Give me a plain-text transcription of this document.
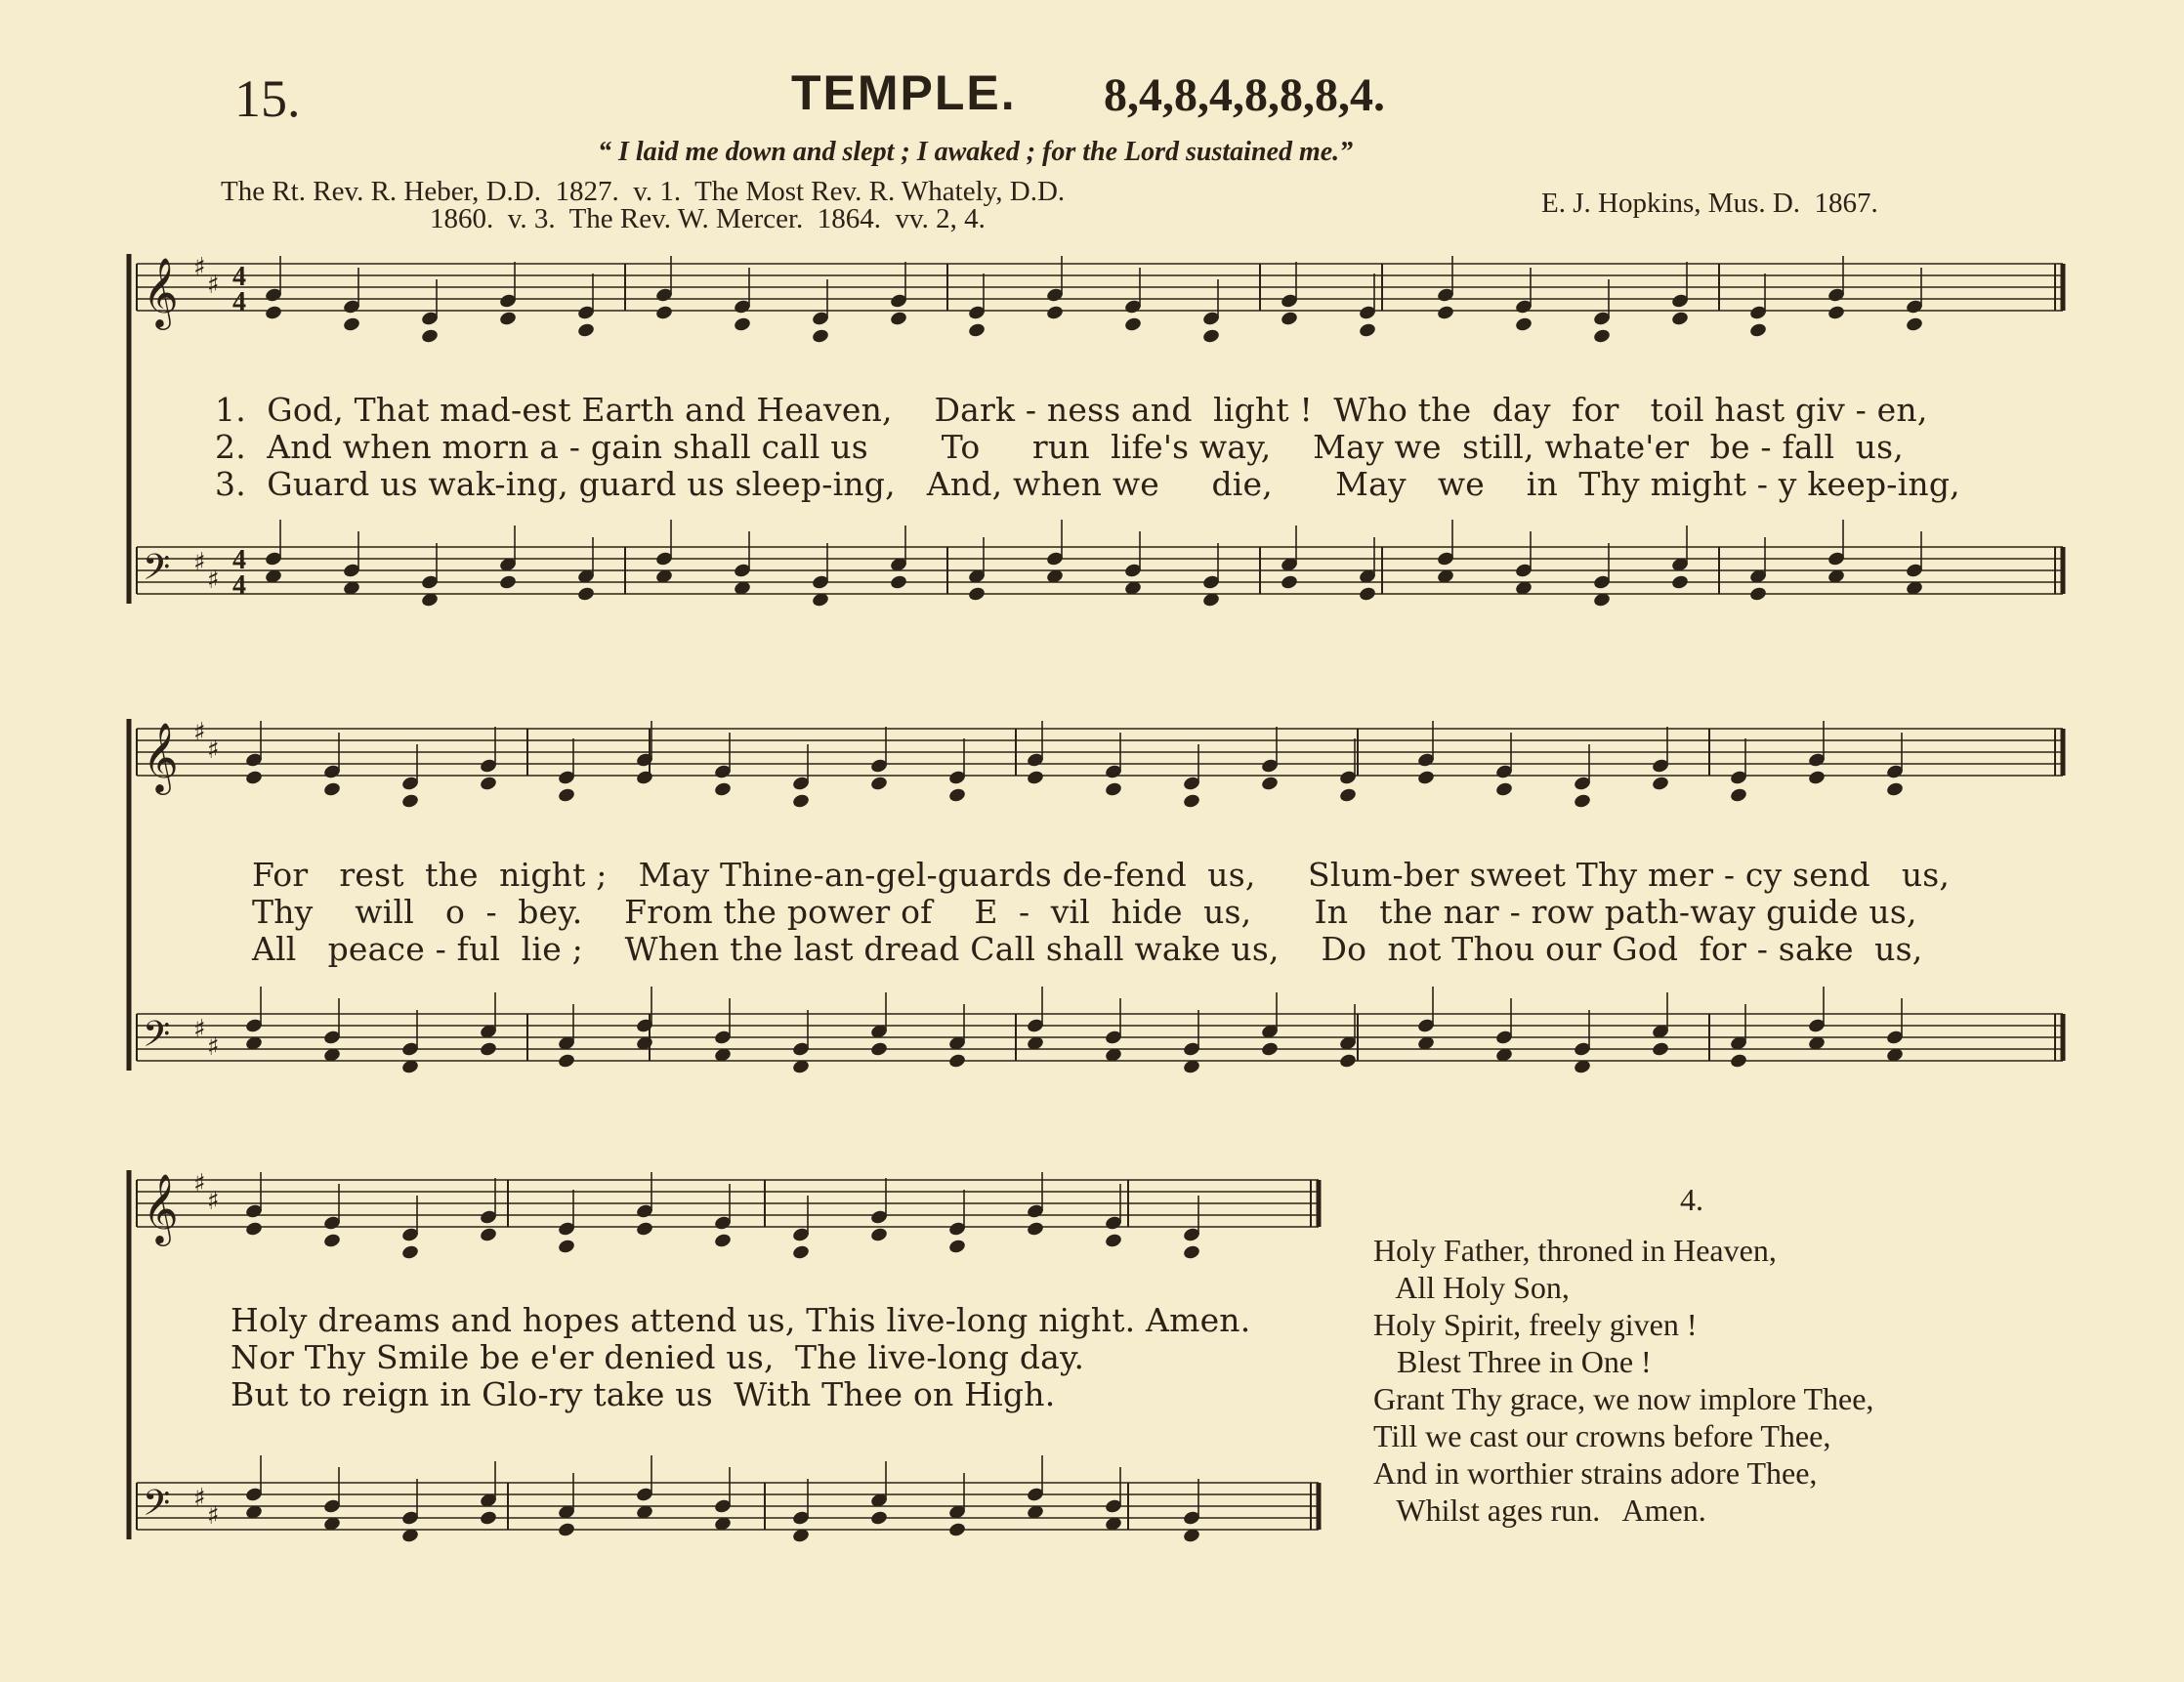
15.	TEMPLE. 8,4,8,4,8,8,8,4.
“ I laid me down and slept ; I awaked ; for the Lord sustained me.”
The Rt. Rev. R. Heber, D.D.  1827.  v. 1.  The Most Rev. R. Whately, D.D.
1860.  v. 3.  The Rev. W. Mercer.  1864.  vv. 2, 4.	E. J. Hopkins, Mus. D.  1867.
𝄞 ♯
♯ 4
4
𝄢 ♯
♯
4
4
𝄞 ♯
♯
𝄢 ♯
♯
𝄞 ♯
♯
𝄢 ♯
♯
1.  God, That mad-est Earth and Heaven,    Dark - ness and  light !  Who the  day  for   toil hast giv - en,
2.  And when morn a - gain shall call us       To     run  life's way,    May we  still, whate'er  be - fall  us,
3.  Guard us wak-ing, guard us sleep-ing,   And, when we     die,      May   we    in  Thy might - y keep-ing,
For   rest  the  night ;   May Thine-an-gel-guards de-fend  us,     Slum-ber sweet Thy mer - cy send   us,
Thy    will   o  -  bey.    From the power of    E  -  vil  hide  us,      In   the nar - row path-way guide us,
All   peace - ful  lie ;    When the last dread Call shall wake us,    Do  not Thou our God  for - sake  us,
Holy dreams and hopes attend us, This live-long night. Amen.
Nor Thy Smile be e'er denied us,  The live-long day.
But to reign in Glo-ry take us  With Thee on High.
4.
Holy Father, throned in Heaven,
All Holy Son,
Holy Spirit, freely given !
Blest Three in One !
Grant Thy grace, we now implore Thee,
Till we cast our crowns before Thee,
And in worthier strains adore Thee,
Whilst ages run.   Amen.
